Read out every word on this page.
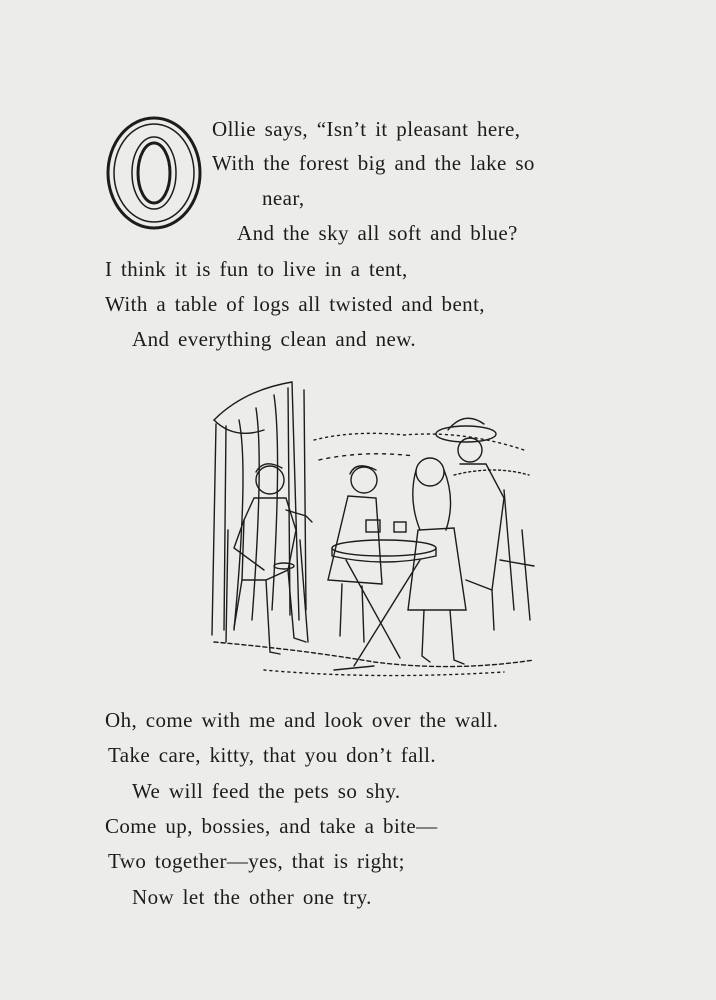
Ollie says, “Isn’t it pleasant here,
With the forest big and the lake so
near,
And the sky all soft and blue?
I think it is fun to live in a tent,
With a table of logs all twisted and bent,
And everything clean and new.
Oh, come with me and look over the wall.
Take care, kitty, that you don’t fall.
We will feed the pets so shy.
Come up, bossies, and take a bite—
Two together—yes, that is right;
Now let the other one try.
